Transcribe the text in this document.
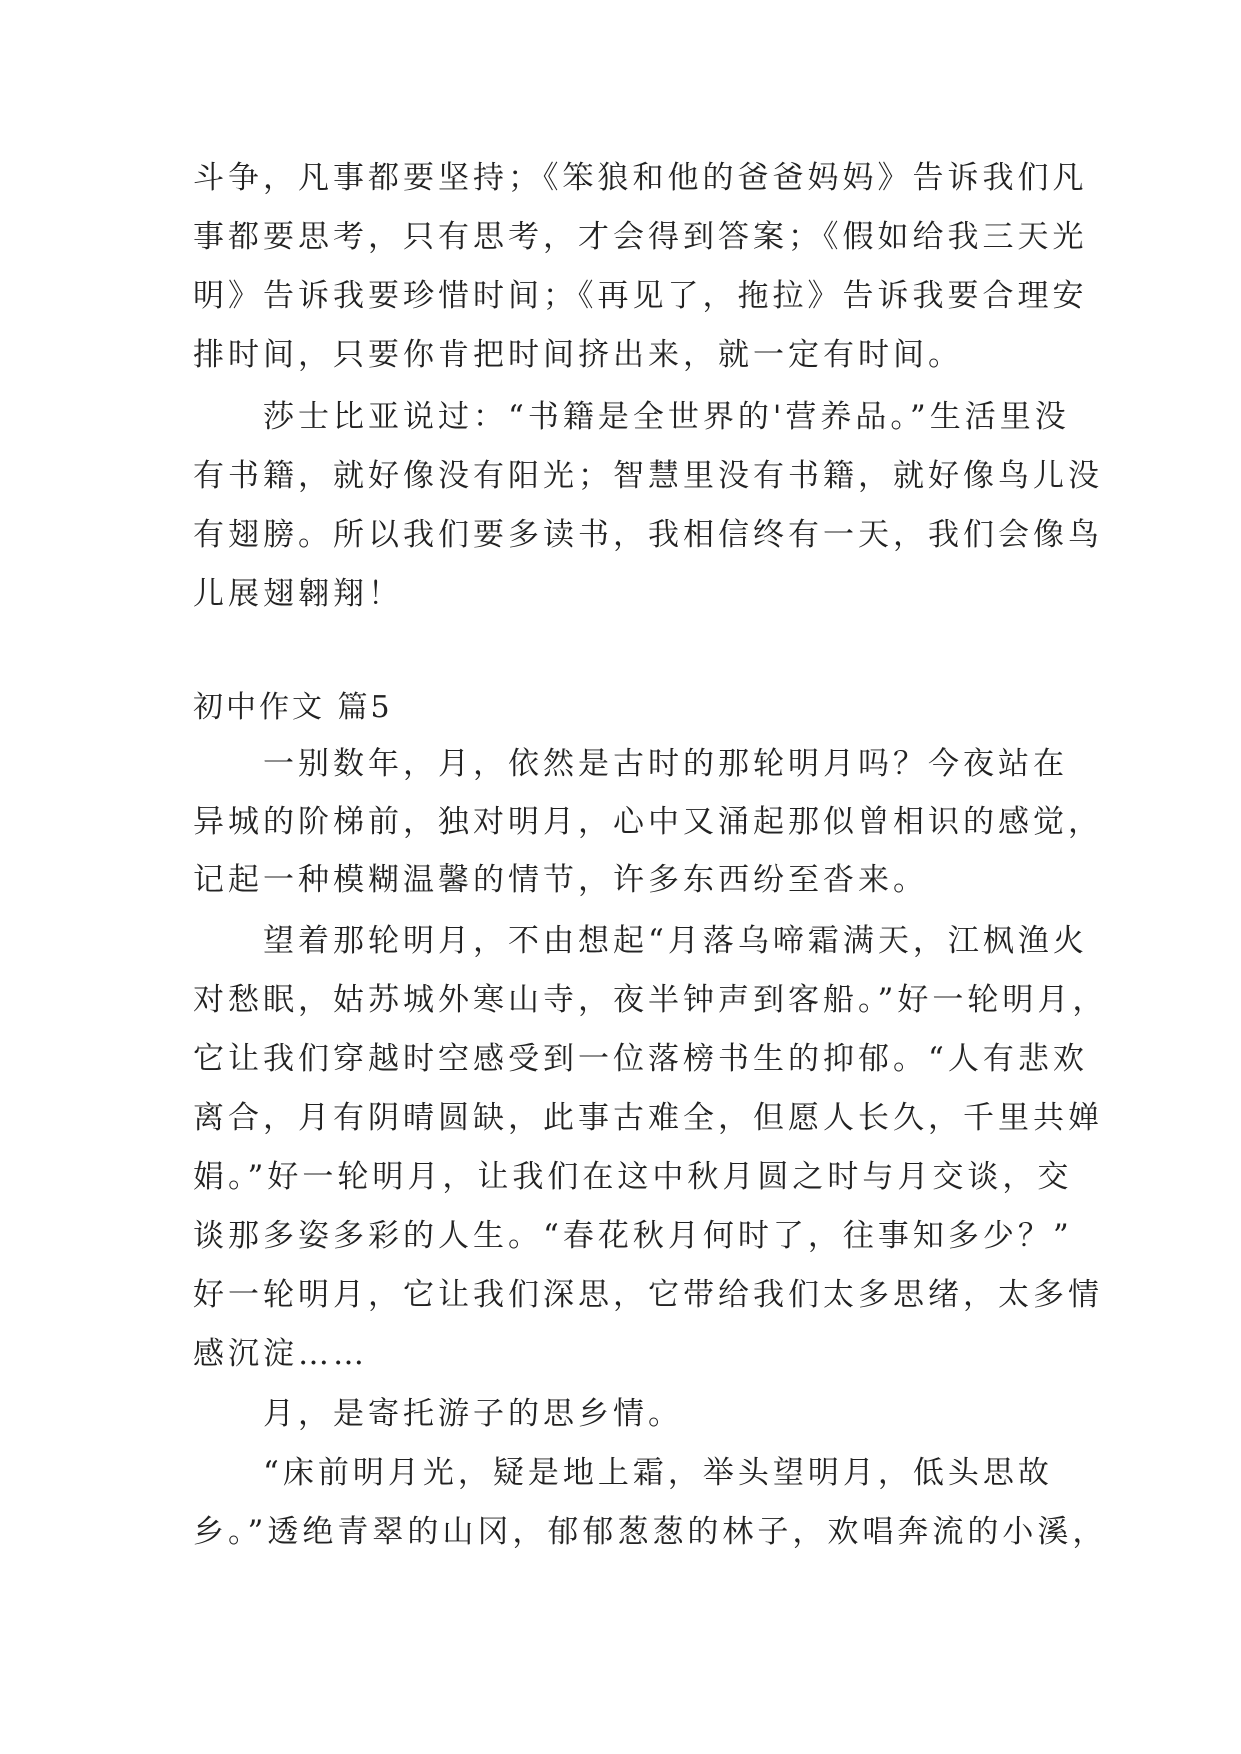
斗争，凡事都要坚持；《笨狼和他的爸爸妈妈》告诉我们凡
事都要思考，只有思考，才会得到答案；《假如给我三天光
明》告诉我要珍惜时间；《再见了，拖拉》告诉我要合理安
排时间，只要你肯把时间挤出来，就一定有时间。
　　莎士比亚说过：“书籍是全世界的'营养品。”生活里没
有书籍，就好像没有阳光；智慧里没有书籍，就好像鸟儿没
有翅膀。所以我们要多读书，我相信终有一天，我们会像鸟
儿展翅翱翔！
初中作文 篇5
　　一别数年，月，依然是古时的那轮明月吗？今夜站在
异城的阶梯前，独对明月，心中又涌起那似曾相识的感觉，
记起一种模糊温馨的情节，许多东西纷至沓来。
　　望着那轮明月，不由想起“月落乌啼霜满天，江枫渔火
对愁眠，姑苏城外寒山寺，夜半钟声到客船。”好一轮明月，
它让我们穿越时空感受到一位落榜书生的抑郁。“人有悲欢
离合，月有阴晴圆缺，此事古难全，但愿人长久，千里共婵
娟。”好一轮明月，让我们在这中秋月圆之时与月交谈，交
谈那多姿多彩的人生。“春花秋月何时了，往事知多少？”
好一轮明月，它让我们深思，它带给我们太多思绪，太多情
感沉淀……
　　月，是寄托游子的思乡情。
　　“床前明月光，疑是地上霜，举头望明月，低头思故
乡。”透绝青翠的山冈，郁郁葱葱的林子，欢唱奔流的小溪，
